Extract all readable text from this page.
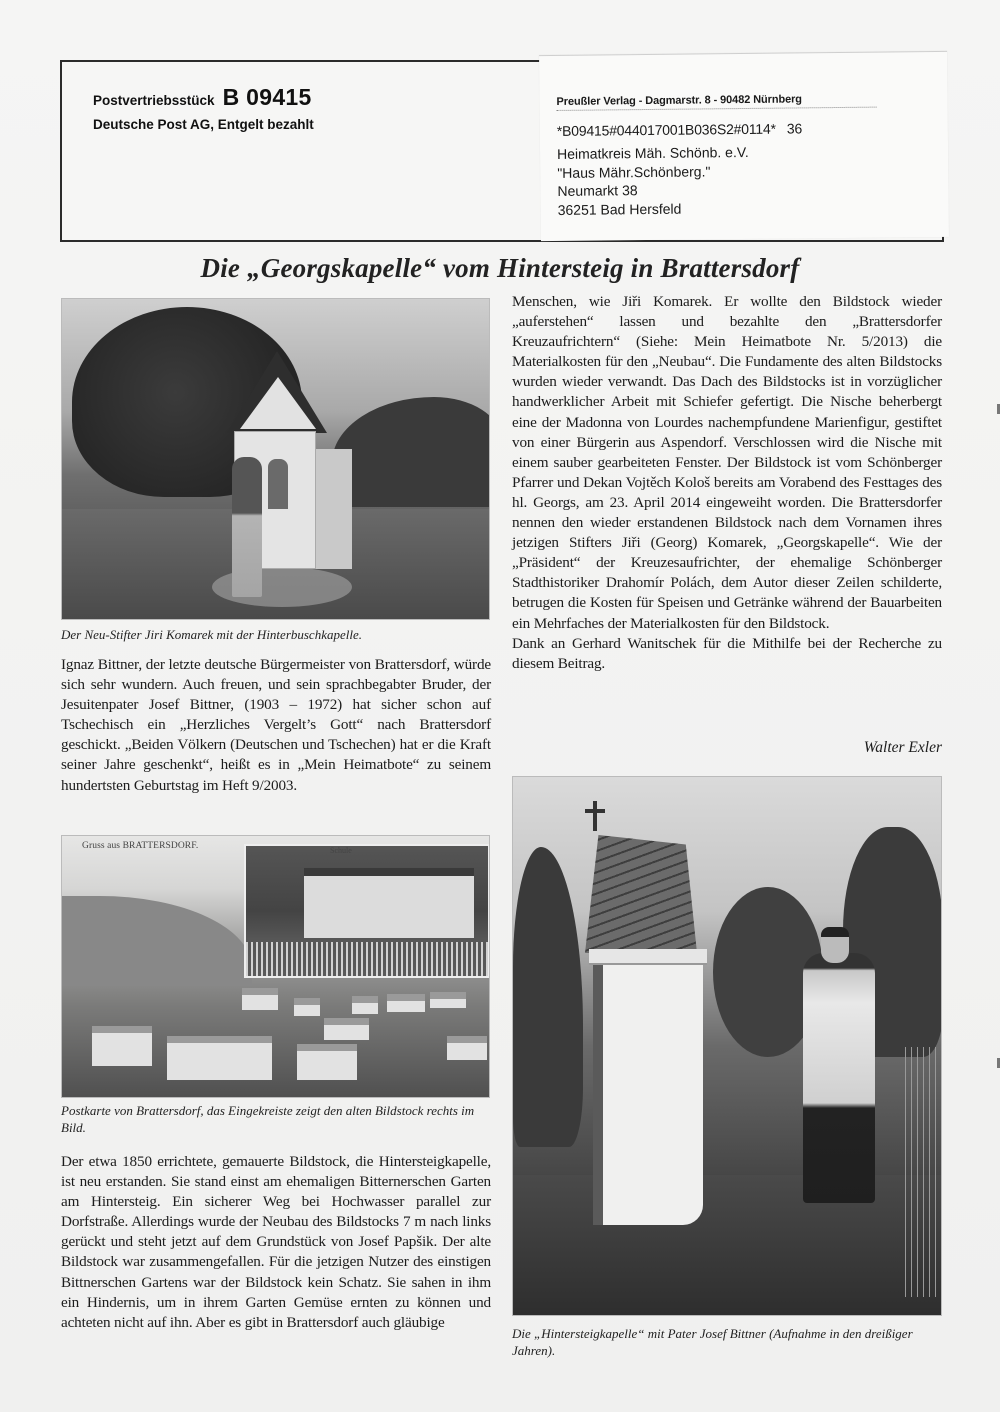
Postvertriebsstück B 09415
Deutsche Post AG, Entgelt bezahlt
Preußler Verlag - Dagmarstr. 8 - 90482 Nürnberg
*B09415#044017001B036S2#0114*   36
Heimatkreis Mäh. Schönb. e.V.
"Haus Mähr.Schönberg."
Neumarkt 38
36251 Bad Hersfeld
Die „Georgskapelle“ vom Hintersteig in Brattersdorf
Der Neu-Stifter Jiri Komarek mit der Hinterbuschkapelle.

Ignaz Bittner, der letzte deutsche Bürgermeister von Brattersdorf, würde sich sehr wundern. Auch freuen, und sein sprachbegabter Bruder, der Jesuitenpater Josef Bittner, (1903 – 1972) hat sicher schon auf Tschechisch ein „Herzliches Vergelt’s Gott“ nach Brattersdorf geschickt. „Beiden Völkern (Deutschen und Tschechen) hat er die Kraft seiner Jahre geschenkt“, heißt es in „Mein Heimatbote“ zu seinem hundertsten Geburtstag im Heft 9/2003.

Gruss aus BRATTERSDORF.	Schule
Postkarte von Brattersdorf, das Eingekreiste zeigt den alten Bildstock rechts im Bild.

Der etwa 1850 errichtete, gemauerte Bildstock, die Hintersteigkapelle, ist neu erstanden. Sie stand einst am ehemaligen Bitternerschen Garten am Hintersteig. Ein sicherer Weg bei Hochwasser parallel zur Dorfstraße. Allerdings wurde der Neubau des Bildstocks 7 m nach links gerückt und steht jetzt auf dem Grundstück von Josef Papšik. Der alte Bildstock war zusammengefallen. Für die jetzigen Nutzer des einstigen Bittnerschen Gartens war der Bildstock kein Schatz. Sie sahen in ihm ein Hindernis, um in ihrem Garten Gemüse ernten zu können und achteten nicht auf ihn. Aber es gibt in Brattersdorf auch gläubige

Menschen, wie Jiři Komarek. Er wollte den Bildstock wieder „auferstehen“ lassen und bezahlte den „Brattersdorfer Kreuzaufrichtern“ (Siehe: Mein Heimatbote Nr. 5/2013) die Materialkosten für den „Neubau“. Die Fundamente des alten Bildstocks wurden wieder verwandt. Das Dach des Bildstocks ist in vorzüglicher handwerklicher Arbeit mit Schiefer gefertigt. Die Nische beherbergt eine der Madonna von Lourdes nachempfundene Marienfigur, gestiftet von einer Bürgerin aus Aspendorf. Verschlossen wird die Nische mit einem sauber gearbeiteten Fenster. Der Bildstock ist vom Schönberger Pfarrer und Dekan Vojtěch Kološ bereits am Vorabend des Festtages des hl. Georgs, am 23. April 2014 eingeweiht worden. Die Brattersdorfer nennen den wieder erstandenen Bildstock nach dem Vornamen ihres jetzigen Stifters Jiři (Georg) Komarek, „Georgskapelle“. Wie der „Präsident“ der Kreuzesaufrichter, der ehemalige Schönberger Stadthistoriker Drahomír Polách, dem Autor dieser Zeilen schilderte, betrugen die Kosten für Speisen und Getränke während der Bauarbeiten ein Mehrfaches der Materialkosten für den Bildstock.

Dank an Gerhard Wanitschek für die Mithilfe bei der Recherche zu diesem Beitrag.

Walter Exler
Die „Hintersteigkapelle“ mit Pater Josef Bittner (Aufnahme in den dreißiger Jahren).
